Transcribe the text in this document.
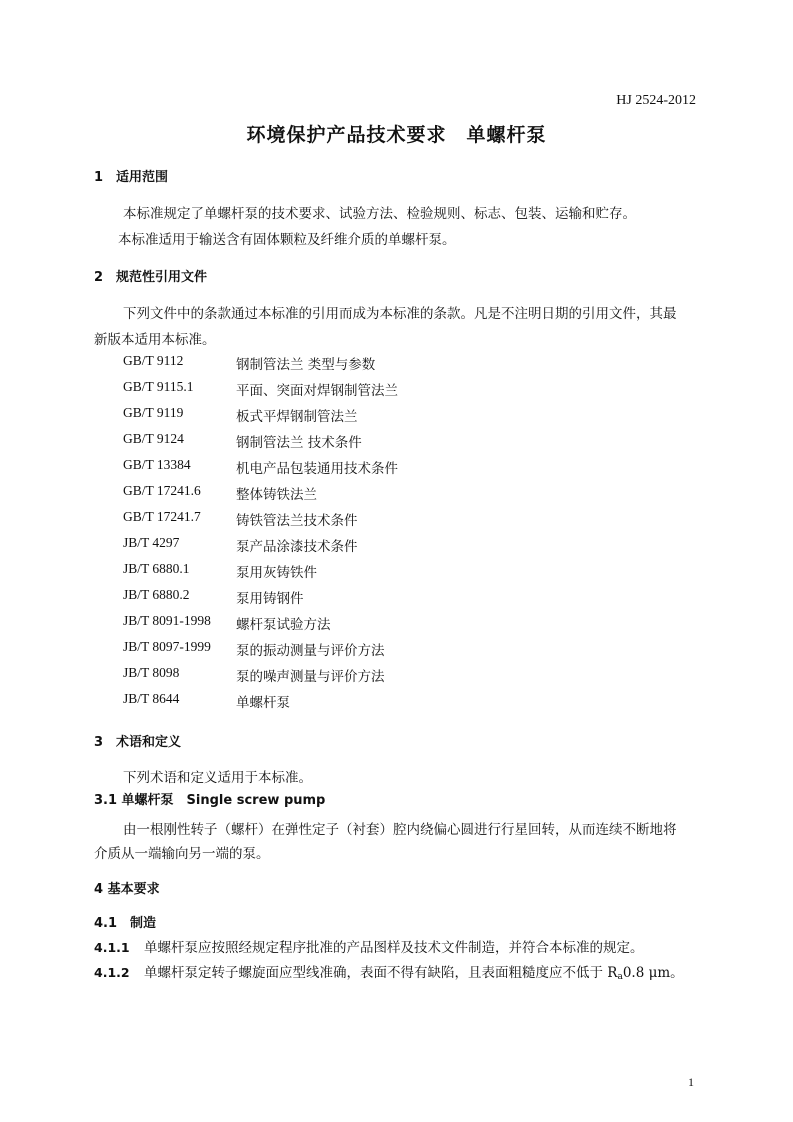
HJ 2524-2012
环境保护产品技术要求　单螺杆泵
1 适用范围
本标准规定了单螺杆泵的技术要求、试验方法、检验规则、标志、包装、运输和贮存。
本标准适用于输送含有固体颗粒及纤维介质的单螺杆泵。
2 规范性引用文件
下列文件中的条款通过本标准的引用而成为本标准的条款。凡是不注明日期的引用文件，其最
新版本适用本标准。
GB/T 9112	钢制管法兰 类型与参数
GB/T 9115.1	平面、突面对焊钢制管法兰
GB/T 9119	板式平焊钢制管法兰
GB/T 9124	钢制管法兰 技术条件
GB/T 13384	机电产品包装通用技术条件
GB/T 17241.6	整体铸铁法兰
GB/T 17241.7	铸铁管法兰技术条件
JB/T 4297	泵产品涂漆技术条件
JB/T 6880.1	泵用灰铸铁件
JB/T 6880.2	泵用铸钢件
JB/T 8091-1998 螺杆泵试验方法
JB/T 8097-1999 泵的振动测量与评价方法
JB/T 8098	泵的噪声测量与评价方法
JB/T 8644	单螺杆泵
3 术语和定义
下列术语和定义适用于本标准。
3.1 单螺杆泵　Single screw pump
由一根刚性转子（螺杆）在弹性定子（衬套）腔内绕偏心圆进行行星回转，从而连续不断地将
介质从一端输向另一端的泵。
4 基本要求
4.1　制造
4.1.1 单螺杆泵应按照经规定程序批准的产品图样及技术文件制造，并符合本标准的规定。
4.1.2 单螺杆泵定转子螺旋面应型线准确，表面不得有缺陷，且表面粗糙度应不低于 $R_a0.8$ μm。
1
